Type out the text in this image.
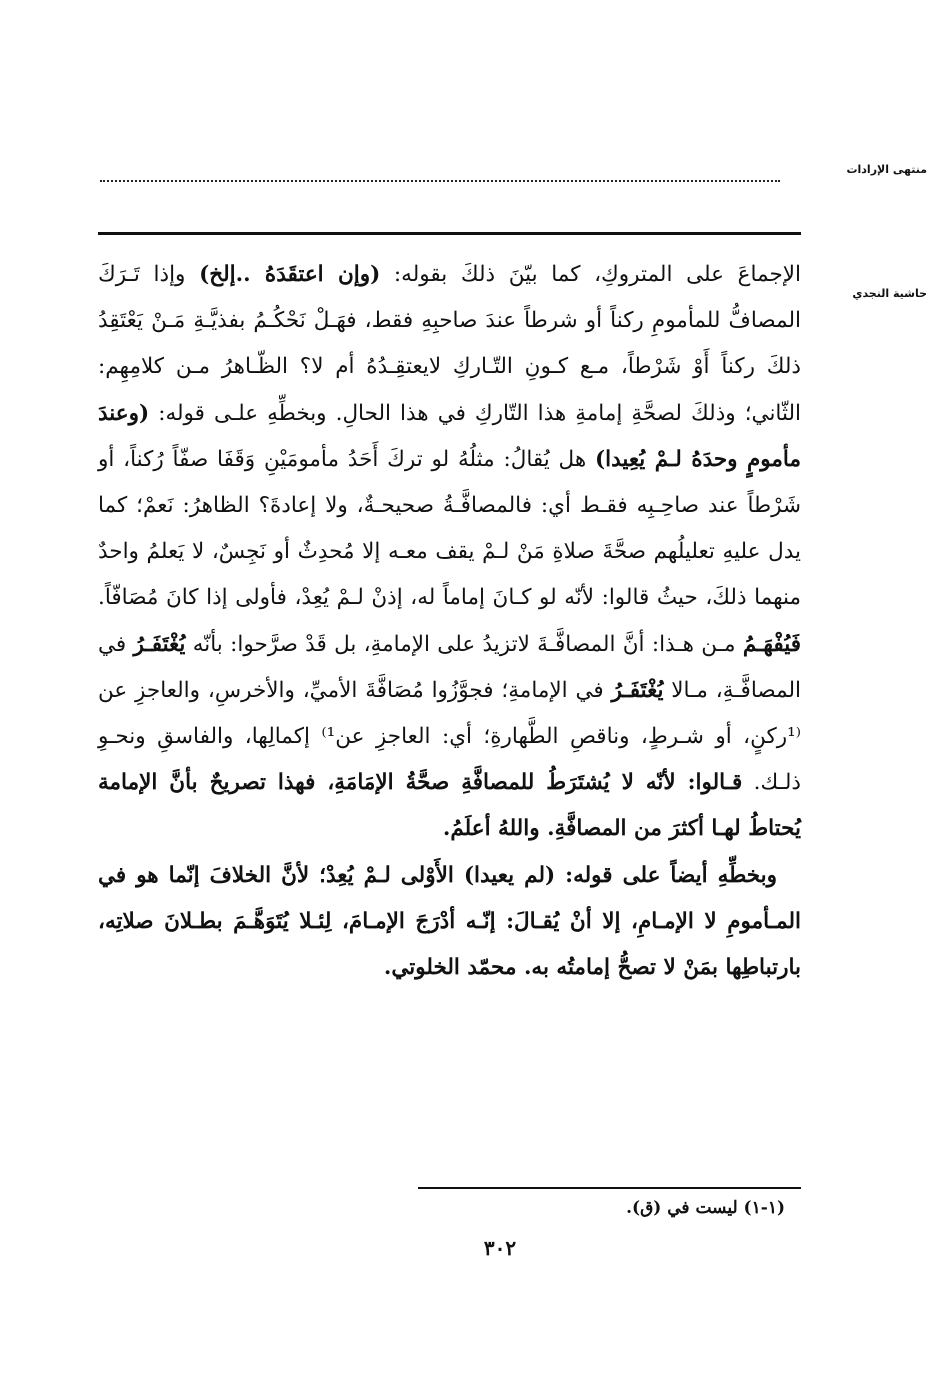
منتهى الإرادات
حاشية النجدي

الإجماعَ على المتروكِ، كما بيّنَ ذلكَ بقوله: (وإن اعتقَدَهُ ..إلخ) وإذا تَـرَكَ المصافُّ للمأمومِ ركناً أو شرطاً عندَ صاحبِهِ فقط، فهَـلْ نَحْكُـمُ بفذيَّـةِ مَـنْ يَعْتَقِدُ ذلكَ ركناً أَوْ شَرْطاً، مـع كـونِ التّـاركِ لايعتقِـدُهُ أم لا؟ الظّـاهرُ مـن كلامِهِم: الثّاني؛ وذلكَ لصحَّةِ إمامةِ هذا التّاركِ في هذا الحالِ. وبخطِّهِ علـى قوله: (وعندَ مأمومٍ وحدَهُ لـمْ يُعِيدا) هل يُقالُ: مثلُهُ لو تركَ أَحَدُ مأمومَيْنِ وَقَفَا صفّاً رُكناً، أو شَرْطاً عند صاحِـبِه فقـط أي: فالمصافَّـةُ صحيحـةٌ، ولا إعادةَ؟ الظاهرُ: نَعمْ؛ كما يدل عليهِ تعليلُهم صحَّةَ صلاةِ مَنْ لـمْ يقف معـه إلا مُحدِثٌ أو نَجِسٌ، لا يَعلمُ واحدٌ منهما ذلكَ، حيثُ قالوا: لأنّه لو كـانَ إماماً له، إذنْ لـمْ يُعِدْ، فأولى إذا كانَ مُصَافّاً. فَيُفْهَـمُ مـن هـذا: أنَّ المصافَّـةَ لاتزيدُ على الإمامةِ، بل قَدْ صرَّحوا: بأنّه يُغْتَفَـرُ في المصافَّـةِ، مـالا يُغْتَفَـرُ في الإمامةِ؛ فجوَّزُوا مُصَافَّةَ الأميِّ، والأخرسِ، والعاجزِ عن ⁽¹ركنٍ، أو شـرطٍ، وناقصِ الطَّهارةِ؛ أي: العاجزِ عن¹⁾ إكمالِها، والفاسقِ ونحـوِ ذلـك. قـالوا: لأنّه لا يُشتَرَطُ للمصافَّةِ صحَّةُ الإمَامَةِ، فهذا تصريحٌ بأنَّ الإمامة يُحتاطُ لهـا أكثرَ من المصافَّةِ. واللهُ أعلَمُ.

وبخطِّهِ أيضاً على قوله: (لم يعيدا) الأَوْلى لـمْ يُعِدْ؛ لأنَّ الخلافَ إنّما هو في المـأمومِ لا الإمـامِ، إلا أنْ يُقـالَ: إنّـه أدْرَجَ الإمـامَ، لِئـلا يُتَوَهَّـمَ بطـلانَ صلاتِه، بارتباطِها بمَنْ لا تصحُّ إمامتُه به. محمّد الخلوتي.

(١-١) ليست في (ق).
٣٠٢
